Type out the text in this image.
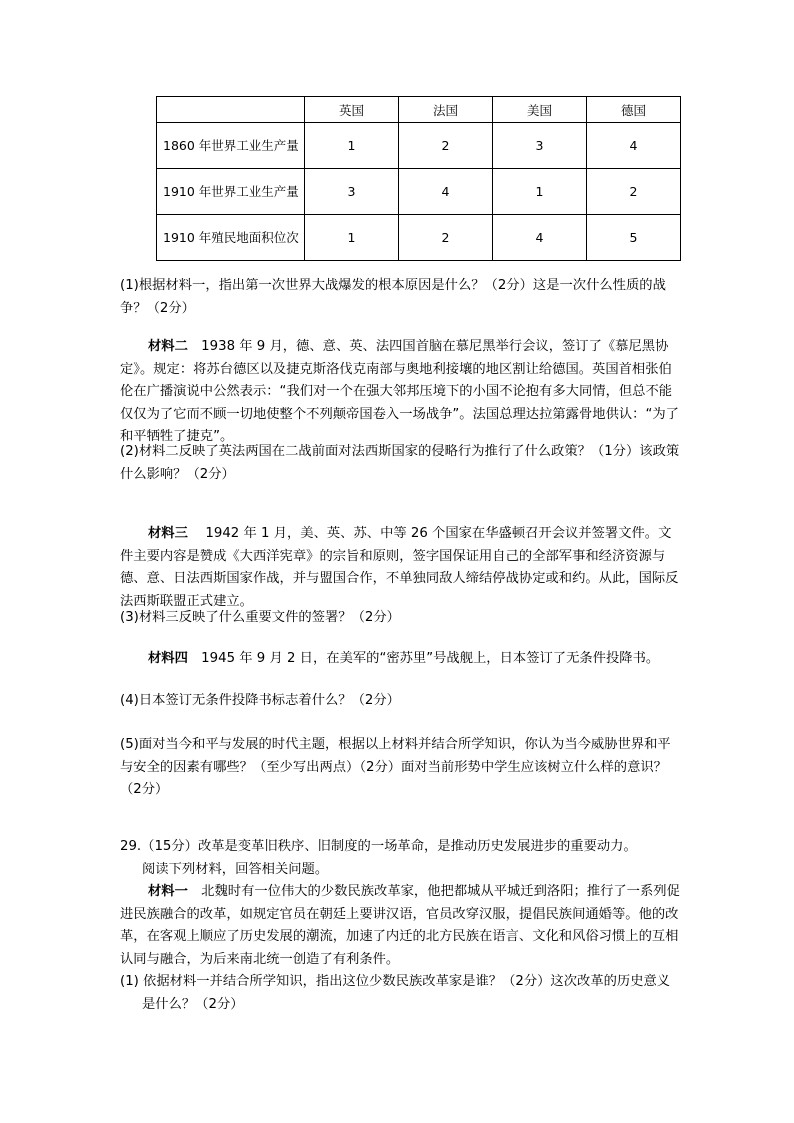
	英国	法国	美国	德国
1860 年世界工业生产量	1	2	3	4
1910 年世界工业生产量	3	4	1	2
1910 年殖民地面积位次	1	2	4	5

(1)根据材料一，指出第一次世界大战爆发的根本原因是什么？（2分）这是一次什么性质的战争？（2分）

材料二　1938 年 9 月，德、意、英、法四国首脑在慕尼黑举行会议，签订了《慕尼黑协定》。规定：将苏台德区以及捷克斯洛伐克南部与奥地利接壤的地区割让给德国。英国首相张伯伦在广播演说中公然表示：“我们对一个在强大邻邦压境下的小国不论抱有多大同情，但总不能仅仅为了它而不顾一切地使整个不列颠帝国卷入一场战争”。法国总理达拉第露骨地供认：“为了和平牺牲了捷克”。

(2)材料二反映了英法两国在二战前面对法西斯国家的侵略行为推行了什么政策？（1分）该政策什么影响？（2分）

材料三　 1942 年 1 月，美、英、苏、中等 26 个国家在华盛顿召开会议并签署文件。文件主要内容是赞成《大西洋宪章》的宗旨和原则，签字国保证用自己的全部军事和经济资源与德、意、日法西斯国家作战，并与盟国合作，不单独同敌人缔结停战协定或和约。从此，国际反法西斯联盟正式建立。

(3)材料三反映了什么重要文件的签署？（2分）

材料四　1945 年 9 月 2 日，在美军的“密苏里”号战舰上，日本签订了无条件投降书。

(4)日本签订无条件投降书标志着什么？（2分）

(5)面对当今和平与发展的时代主题，根据以上材料并结合所学知识，你认为当今威胁世界和平与安全的因素有哪些？（至少写出两点）（2分）面对当前形势中学生应该树立什么样的意识？（2分）

29.（15分）改革是变革旧秩序、旧制度的一场革命，是推动历史发展进步的重要动力。

阅读下列材料，回答相关问题。

材料一　北魏时有一位伟大的少数民族改革家，他把都城从平城迁到洛阳；推行了一系列促进民族融合的改革，如规定官员在朝廷上要讲汉语，官员改穿汉服，提倡民族间通婚等。他的改革，在客观上顺应了历史发展的潮流，加速了内迁的北方民族在语言、文化和风俗习惯上的互相认同与融合，为后来南北统一创造了有利条件。

(1) 依据材料一并结合所学知识，指出这位少数民族改革家是谁？（2分）这次改革的历史意义是什么？（2分）
